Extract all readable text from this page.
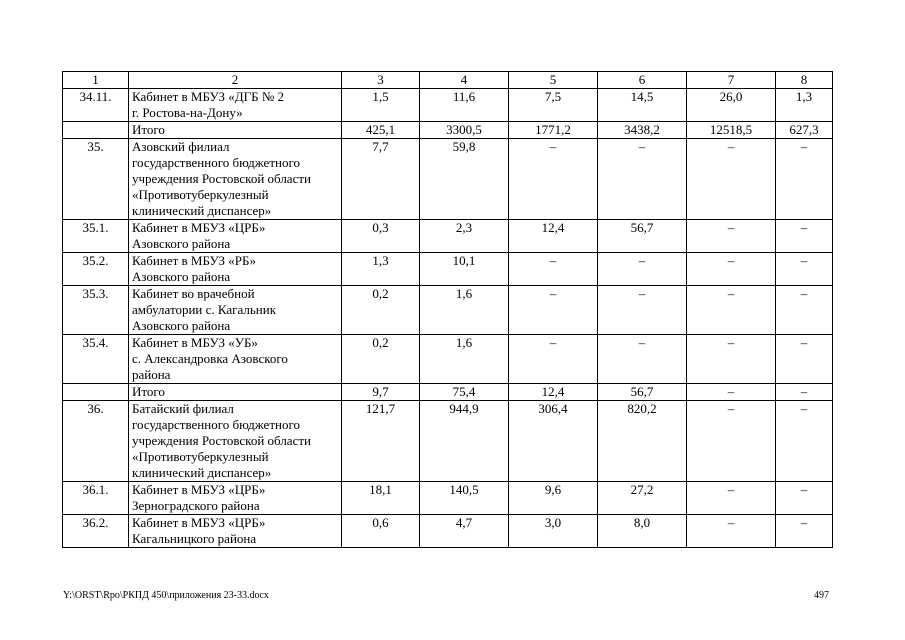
1	2	3	4	5	6	7	8
34.11.	Кабинет в МБУЗ «ДГБ № 2
г. Ростова-на-Дону»	1,5	11,6	7,5	14,5	26,0	1,3
	Итого	425,1	3300,5	1771,2	3438,2	12518,5	627,3
35.	Азовский филиал
государственного бюджетного
учреждения Ростовской области
«Противотуберкулезный
клинический диспансер»	7,7	59,8	–	–	–	–
35.1.	Кабинет в МБУЗ «ЦРБ»
Азовского района	0,3	2,3	12,4	56,7	–	–
35.2.	Кабинет в МБУЗ «РБ»
Азовского района	1,3	10,1	–	–	–	–
35.3.	Кабинет во врачебной
амбулатории с. Кагальник
Азовского района	0,2	1,6	–	–	–	–
35.4.	Кабинет в МБУЗ «УБ»
с. Александровка Азовского
района	0,2	1,6	–	–	–	–
	Итого	9,7	75,4	12,4	56,7	–	–
36.	Батайский филиал
государственного бюджетного
учреждения Ростовской области
«Противотуберкулезный
клинический диспансер»	121,7	944,9	306,4	820,2	–	–
36.1.	Кабинет в МБУЗ «ЦРБ»
Зерноградского района	18,1	140,5	9,6	27,2	–	–
36.2.	Кабинет в МБУЗ «ЦРБ»
Кагальницкого района	0,6	4,7	3,0	8,0	–	–
Y:\ORST\Rpo\РКПД 450\приложения 23-33.docx	497
